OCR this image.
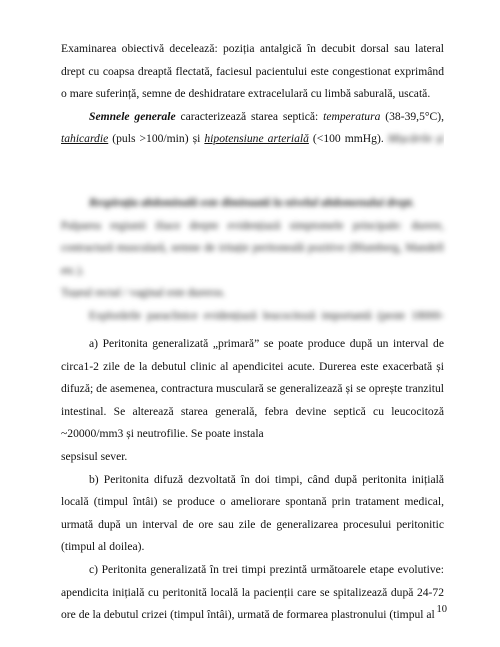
Examinarea obiectivă decelează: poziția antalgică în decubit dorsal sau lateral drept cu coapsa dreaptă flectată, faciesul pacientului este congestionat exprimând o mare suferință, semne de deshidratare extracelulară cu limbă saburală, uscată.

Semnele generale caracterizează starea septică: temperatura (38-39,5°C), tahicardie (puls >100/min) și hipotensiune arterială (<100 mmHg). Mișcările și

Respirația abdominală este diminuată la nivelul abdomenului drept.

Palparea regiunii iliace drepte evidențiază simptomele principale: durere, contractură musculară, semne de iritație peritoneală pozitive (Blumberg, Mandell etc.).

Tușeul rectal / vaginal este dureros.

Explorările paraclinice evidențiază leucocitoză importantă (peste 18000-

a) Peritonita generalizată „primară” se poate produce după un interval de circa1-2 zile de la debutul clinic al apendicitei acute. Durerea este exacerbată și difuză; de asemenea, contractura musculară se generalizează și se oprește tranzitul intestinal. Se alterează starea generală, febra devine septică cu leucocitoză ~20000/mm3 și neutrofilie. Se poate instala

sepsisul sever.

b) Peritonita difuză dezvoltată în doi timpi, când după peritonita inițială locală (timpul întâi) se produce o ameliorare spontană prin tratament medical, urmată după un interval de ore sau zile de generalizarea procesului peritonitic (timpul al doilea).

c) Peritonita generalizată în trei timpi prezintă următoarele etape evolutive: apendicita inițială cu peritonită locală la pacienții care se spitalizează după 24-72 ore de la debutul crizei (timpul întâi), urmată de formarea plastronului (timpul al 10
